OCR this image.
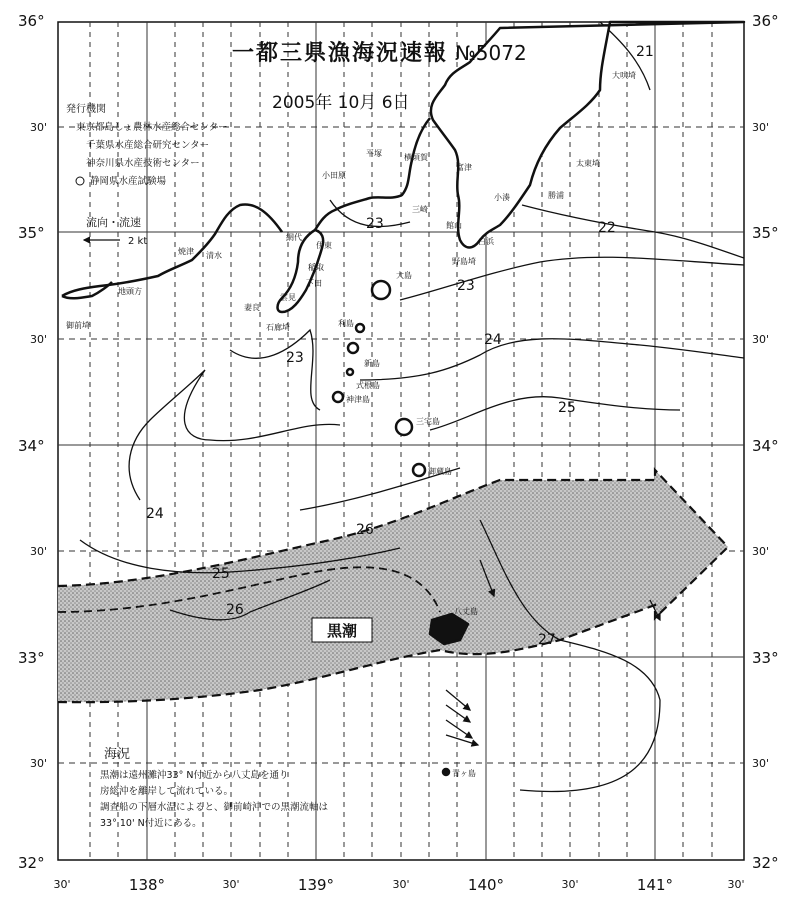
黒潮
流向・流速
2 kt
一都三県漁海況速報 №5072
2005年 10月 6日
発行機関
東京都島しょ農林水産総合センター
千葉県水産総合研究センター
神奈川県水産技術センター
静岡県水産試験場
36°
30'
35°
30'
34°
30'
33°
30'
32°
36°
30'
35°
30'
34°
30'
33°
30'
32°
30'	138°	30'	139°	30'	140°	30'	141°	30'
21
22
23
23
23
24
24
25
25
26
26
27
大吠埼
太東埼
勝浦
小湊
平塚
小田原
横須賀
富津
三崎
館山
野島埼
白浜
大島
利島
新島
式根島
神津島
三宅島
御蔵島
八丈島
青ヶ島
稲取
伊東
網代
下田
石廊埼
御前埼
焼津 清水
地頭方
妻良
雲見
海況
黒潮は遠州灘沖33° N付近から八丈島を通り
房総沖を離岸して流れている。
調査船の下層水温によると、御前崎沖での黒潮流軸は
33° 10' N付近にある。
